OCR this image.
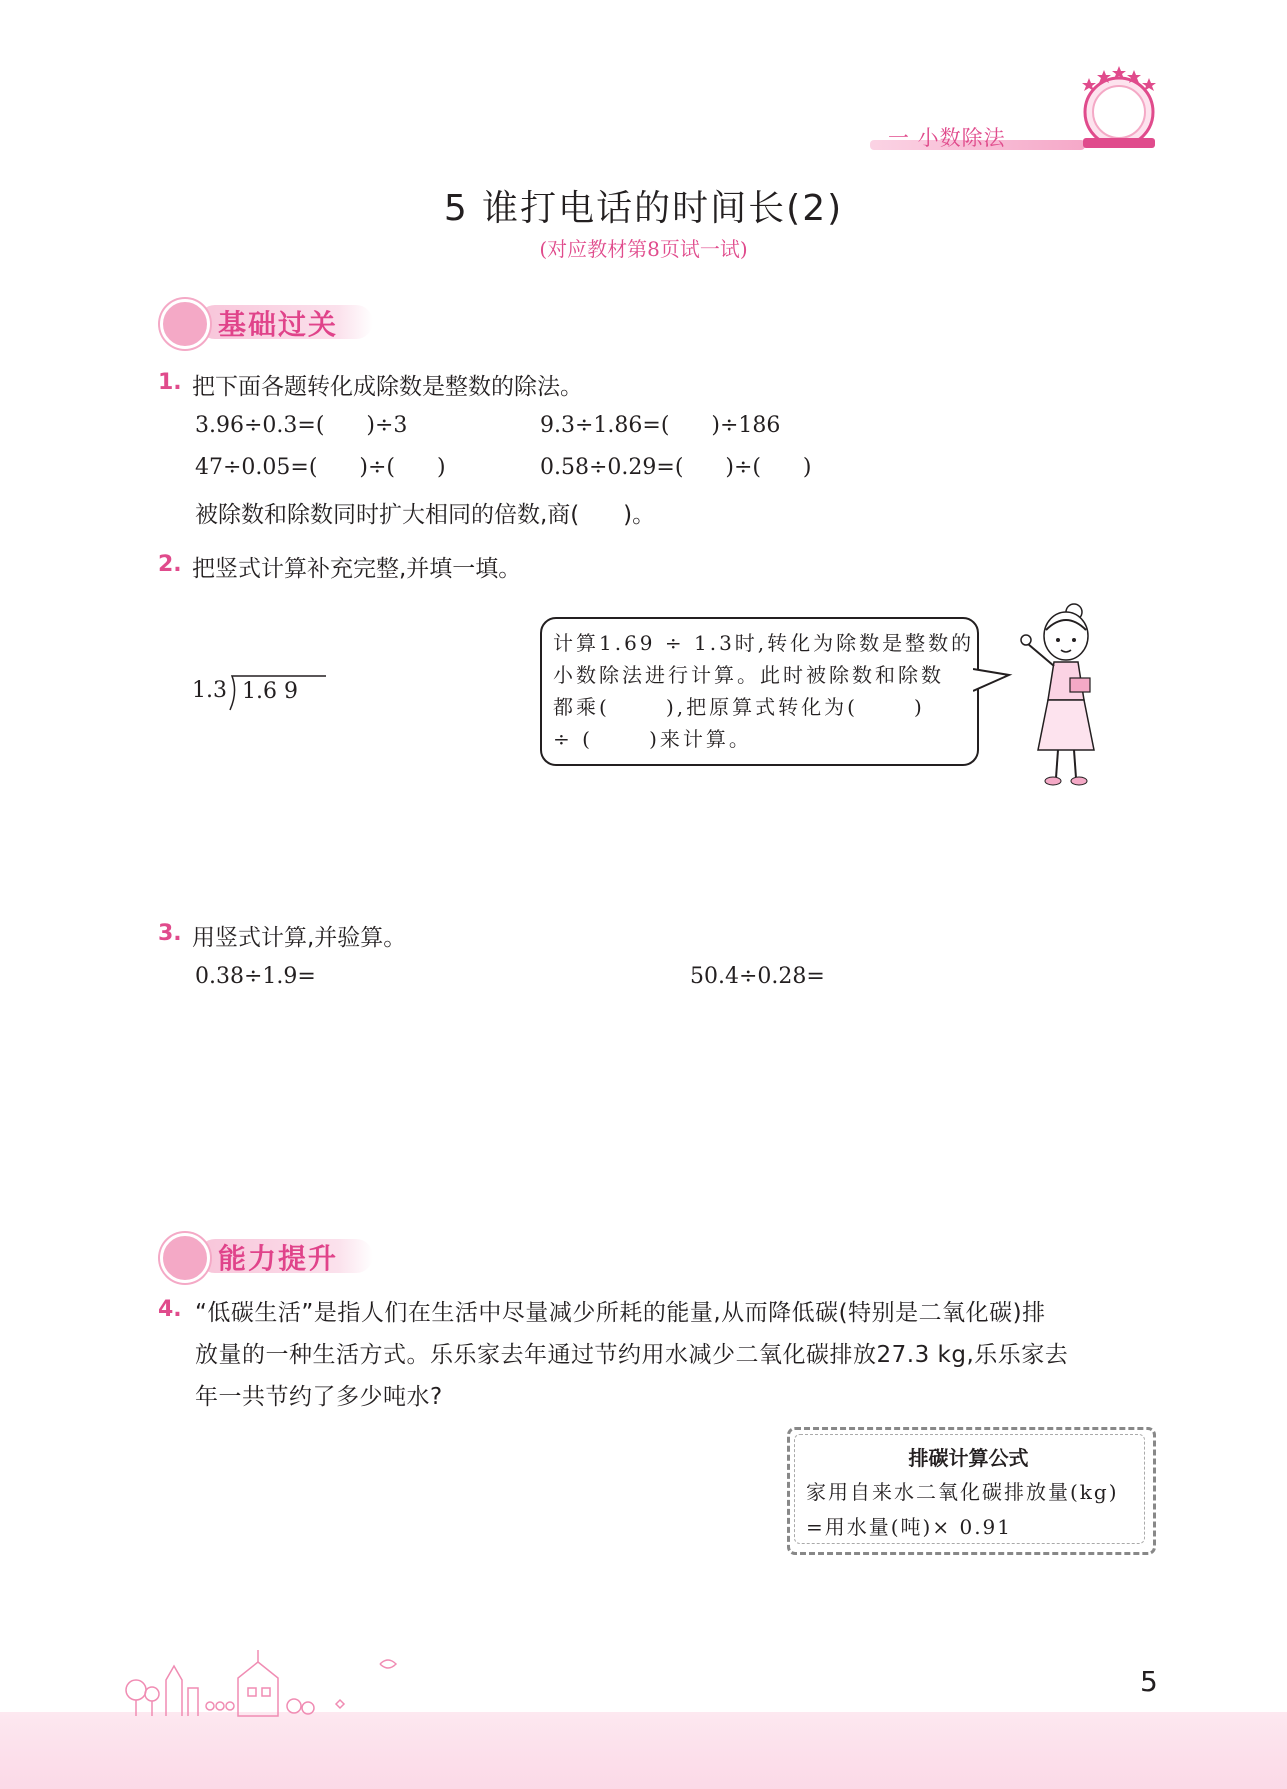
一 小数除法
5 谁打电话的时间长(2)
(对应教材第8页试一试)
基础过关
1. 把下面各题转化成除数是整数的除法。
3.96÷0.3=(      )÷3	9.3÷1.86=(      )÷186
47÷0.05=(      )÷(      )	0.58÷0.29=(      )÷(      )
被除数和除数同时扩大相同的倍数,商(      )。
2. 把竖式计算补充完整,并填一填。
1.3 1.6 9
计算1.69 ÷ 1.3时,转化为除数是整数的
小数除法进行计算。此时被除数和除数
都乘(      ),把原算式转化为(      )
÷ (      )来计算。
3. 用竖式计算,并验算。
0.38÷1.9=	50.4÷0.28=
能力提升
4. “低碳生活”是指人们在生活中尽量减少所耗的能量,从而降低碳(特别是二氧化碳)排
放量的一种生活方式。乐乐家去年通过节约用水减少二氧化碳排放27.3 kg,乐乐家去
年一共节约了多少吨水?
排碳计算公式
家用自来水二氧化碳排放量(kg)
=用水量(吨)× 0.91
5
